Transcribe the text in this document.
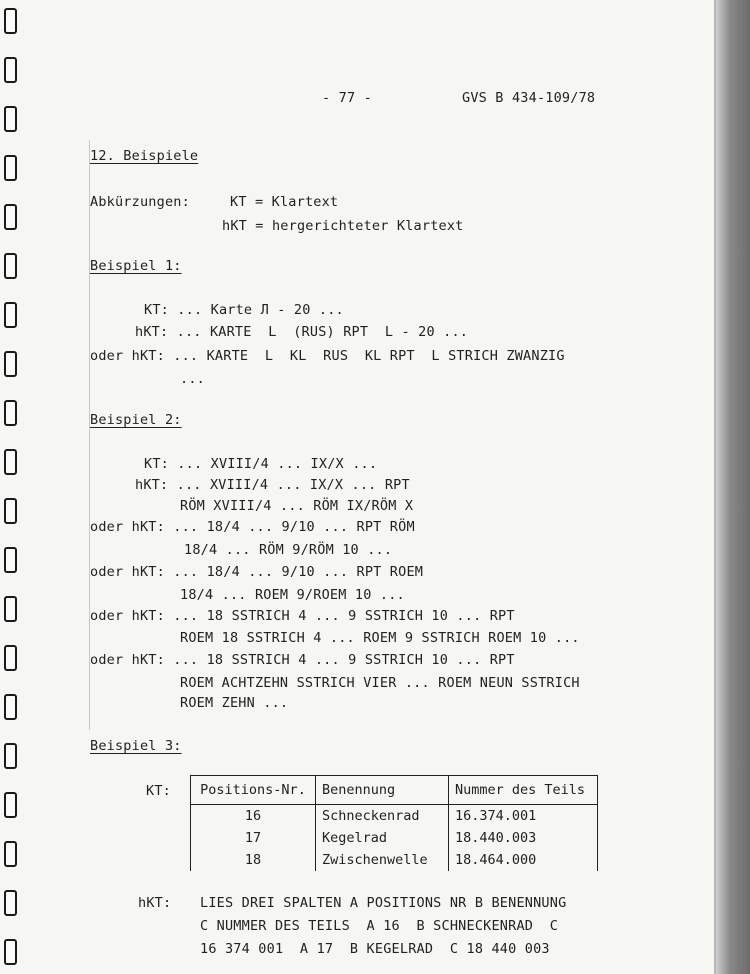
- 77 -	GVS B 434-109/78
12. Beispiele
Abkürzungen:	KT = Klartext
hKT = hergerichteter Klartext
Beispiel 1:
KT: ... Karte Л - 20 ...
hKT: ... KARTE  L  (RUS) RPT  L - 20 ...
oder hKT: ... KARTE  L  KL  RUS  KL RPT  L STRICH ZWANZIG
...
Beispiel 2:
KT: ... XVIII/4 ... IX/X ...
hKT: ... XVIII/4 ... IX/X ... RPT
RÖM XVIII/4 ... RÖM IX/RÖM X
oder hKT: ... 18/4 ... 9/10 ... RPT RÖM
18/4 ... RÖM 9/RÖM 10 ...
oder hKT: ... 18/4 ... 9/10 ... RPT ROEM
18/4 ... ROEM 9/ROEM 10 ...
oder hKT: ... 18 SSTRICH 4 ... 9 SSTRICH 10 ... RPT
ROEM 18 SSTRICH 4 ... ROEM 9 SSTRICH ROEM 10 ...
oder hKT: ... 18 SSTRICH 4 ... 9 SSTRICH 10 ... RPT
ROEM ACHTZEHN SSTRICH VIER ... ROEM NEUN SSTRICH
ROEM ZEHN ...
Beispiel 3:
KT: Positions-Nr.	Benennung	Nummer des Teils
16	Schneckenrad	16.374.001
17	Kegelrad	18.440.003
18	Zwischenwelle	18.464.000
hKT: LIES DREI SPALTEN A POSITIONS NR B BENENNUNG
C NUMMER DES TEILS  A 16  B SCHNECKENRAD  C
16 374 001  A 17  B KEGELRAD  C 18 440 003
